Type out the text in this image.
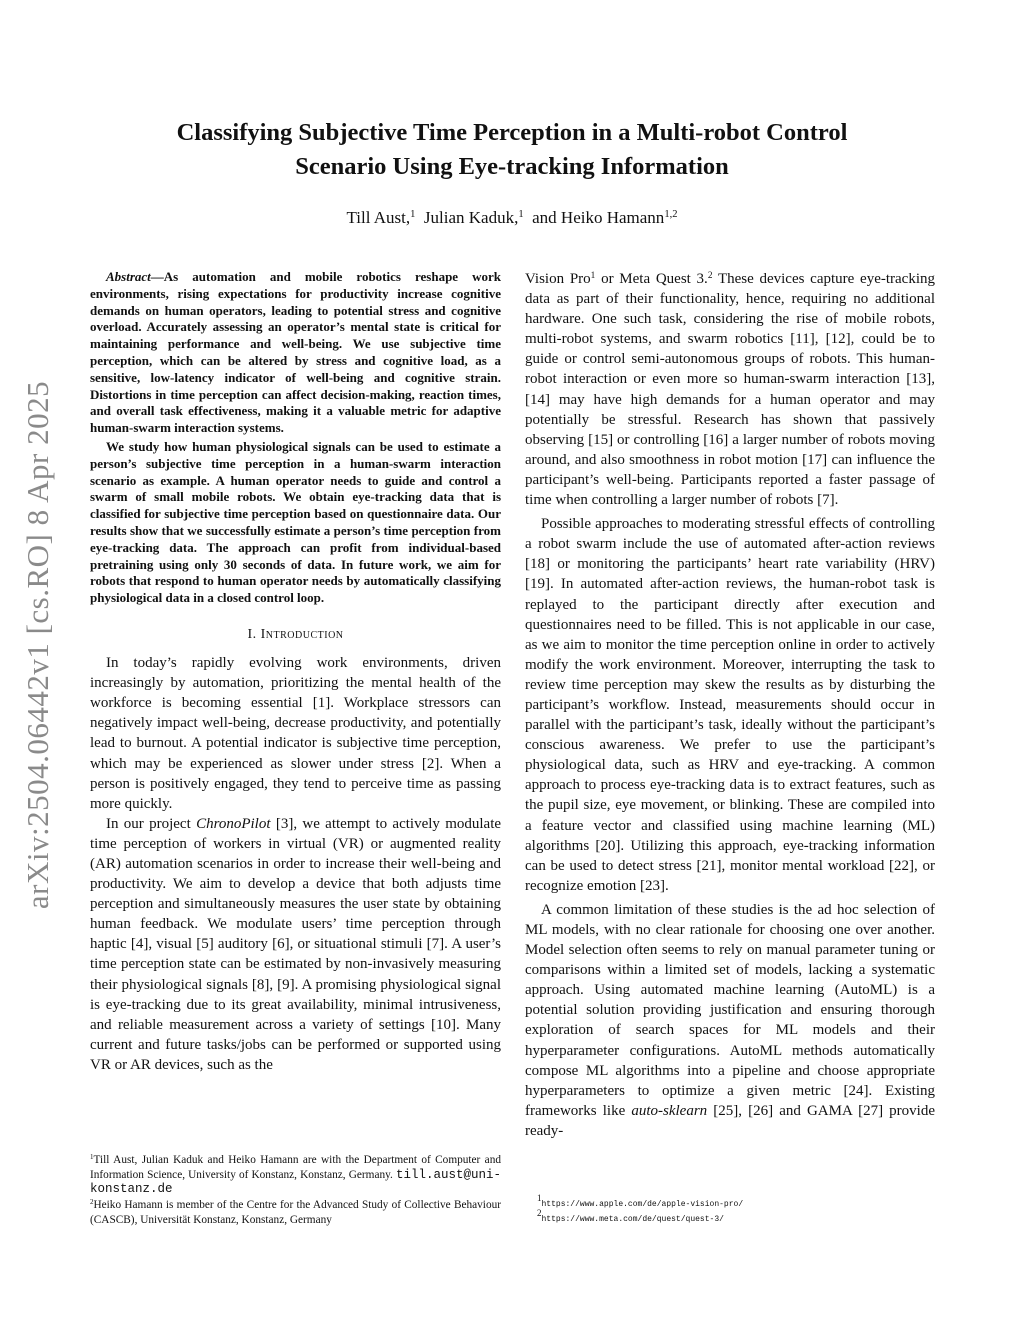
arXiv:2504.06442v1 [cs.RO] 8 Apr 2025
Classifying Subjective Time Perception in a Multi-robot Control
Scenario Using Eye-tracking Information

Till Aust,$^1$ Julian Kaduk,$^1$ and Heiko Hamann$^{1,2}$

Abstract—As automation and mobile robotics reshape work environments, rising expectations for productivity increase cognitive demands on human operators, leading to potential stress and cognitive overload. Accurately assessing an operator’s mental state is critical for maintaining performance and well-being. We use subjective time perception, which can be altered by stress and cognitive load, as a sensitive, low-latency indicator of well-being and cognitive strain. Distortions in time perception can affect decision-making, reaction times, and overall task effectiveness, making it a valuable metric for adaptive human-swarm interaction systems.

We study how human physiological signals can be used to estimate a person’s subjective time perception in a human-swarm interaction scenario as example. A human operator needs to guide and control a swarm of small mobile robots. We obtain eye-tracking data that is classified for subjective time perception based on questionnaire data. Our results show that we successfully estimate a person’s time perception from eye-tracking data. The approach can profit from individual-based pretraining using only 30 seconds of data. In future work, we aim for robots that respond to human operator needs by automatically classifying physiological data in a closed control loop.

I. Introduction

In today’s rapidly evolving work environments, driven increasingly by automation, prioritizing the mental health of the workforce is becoming essential [1]. Workplace stressors can negatively impact well-being, decrease productivity, and potentially lead to burnout. A potential indicator is subjective time perception, which may be experienced as slower under stress [2]. When a person is positively engaged, they tend to perceive time as passing more quickly.

In our project ChronoPilot [3], we attempt to actively modulate time perception of workers in virtual (VR) or augmented reality (AR) automation scenarios in order to increase their well-being and productivity. We aim to develop a device that both adjusts time perception and simultaneously measures the user state by obtaining human feedback. We modulate users’ time perception through haptic [4], visual [5] auditory [6], or situational stimuli [7]. A user’s time perception state can be estimated by non-invasively measuring their physiological signals [8], [9]. A promising physiological signal is eye-tracking due to its great availability, minimal intrusiveness, and reliable measurement across a variety of settings [10]. Many current and future tasks/jobs can be performed or supported using VR or AR devices, such as the

Vision Pro$^1$ or Meta Quest 3.$^2$ These devices capture eye-tracking data as part of their functionality, hence, requiring no additional hardware. One such task, considering the rise of mobile robots, multi-robot systems, and swarm robotics [11], [12], could be to guide or control semi-autonomous groups of robots. This human-robot interaction or even more so human-swarm interaction [13], [14] may have high demands for a human operator and may potentially be stressful. Research has shown that passively observing [15] or controlling [16] a larger number of robots moving around, and also smoothness in robot motion [17] can influence the participant’s well-being. Participants reported a faster passage of time when controlling a larger number of robots [7].

Possible approaches to moderating stressful effects of controlling a robot swarm include the use of automated after-action reviews [18] or monitoring the participants’ heart rate variability (HRV) [19]. In automated after-action reviews, the human-robot task is replayed to the participant directly after execution and questionnaires need to be filled. This is not applicable in our case, as we aim to monitor the time perception online in order to actively modify the work environment. Moreover, interrupting the task to review time perception may skew the results as by disturbing the participant’s workflow. Instead, measurements should occur in parallel with the participant’s task, ideally without the participant’s conscious awareness. We prefer to use the participant’s physiological data, such as HRV and eye-tracking. A common approach to process eye-tracking data is to extract features, such as the pupil size, eye movement, or blinking. These are compiled into a feature vector and classified using machine learning (ML) algorithms [20]. Utilizing this approach, eye-tracking information can be used to detect stress [21], monitor mental workload [22], or recognize emotion [23].

A common limitation of these studies is the ad hoc selection of ML models, with no clear rationale for choosing one over another. Model selection often seems to rely on manual parameter tuning or comparisons within a limited set of models, lacking a systematic approach. Using automated machine learning (AutoML) is a potential solution providing justification and ensuring thorough exploration of search spaces for ML models and their hyperparameter configurations. AutoML methods automatically compose ML algorithms into a pipeline and choose appropriate hyperparameters to optimize a given metric [24]. Existing frameworks like auto-sklearn [25], [26] and GAMA [27] provide ready-

$^1$Till Aust, Julian Kaduk and Heiko Hamann are with the Department of Computer and Information Science, University of Konstanz, Konstanz, Germany. till.aust@uni-konstanz.de
$^2$Heiko Hamann is member of the Centre for the Advanced Study of Collective Behaviour (CASCB), Universität Konstanz, Konstanz, Germany
$^1$https://www.apple.com/de/apple-vision-pro/
$^2$https://www.meta.com/de/quest/quest-3/
